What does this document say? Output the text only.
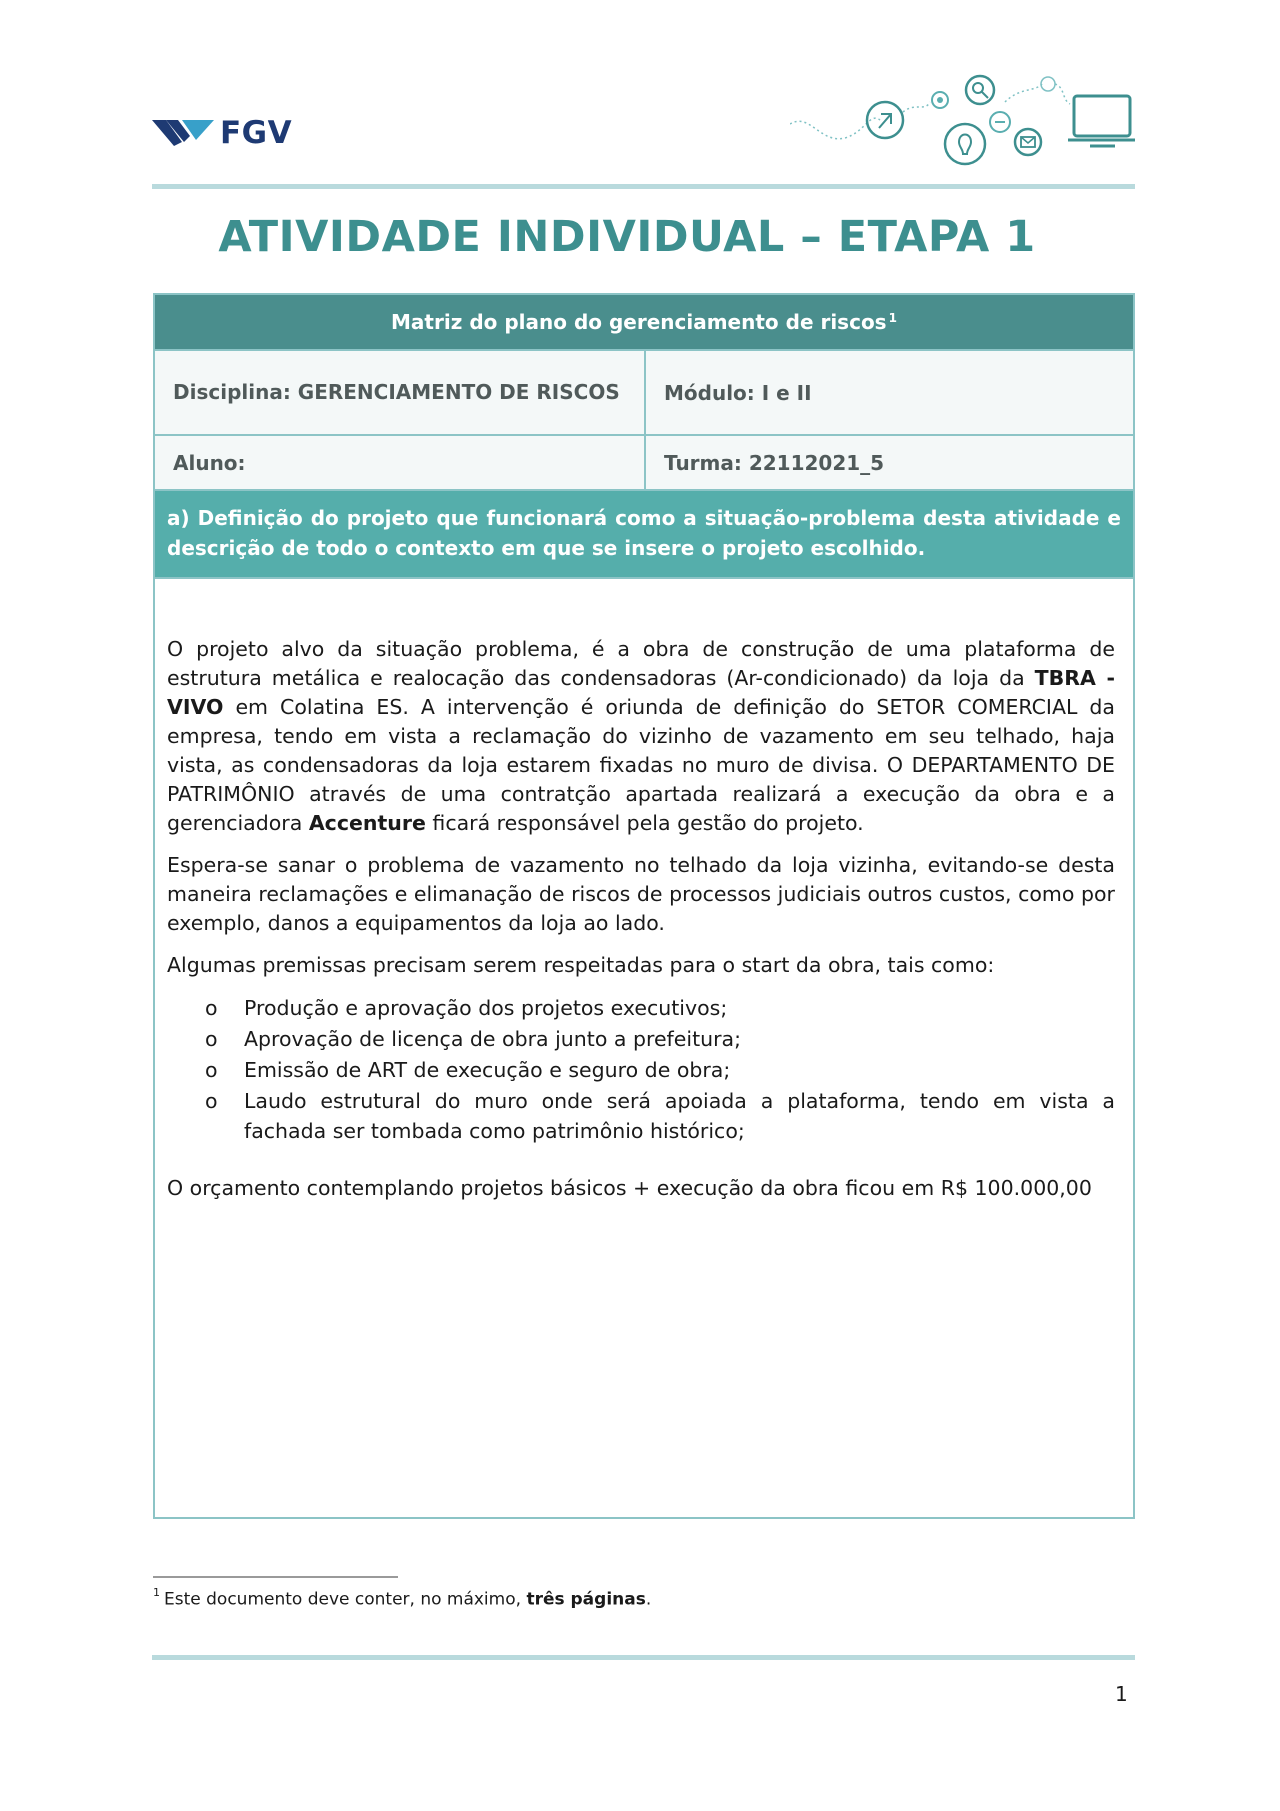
FGV
ATIVIDADE INDIVIDUAL – ETAPA 1
Matriz do plano do gerenciamento de riscos$^1$
Disciplina: GERENCIAMENTO DE RISCOS Módulo: I e II
Aluno:	Turma: 22112021_5
a) Definição do projeto que funcionará como a situação-problema desta atividade e descrição de todo o contexto em que se insere o projeto escolhido.

O projeto alvo da situação problema, é a obra de construção de uma plataforma de estrutura metálica e realocação das condensadoras (Ar-condicionado) da loja da TBRA - VIVO em Colatina ES. A intervenção é oriunda de definição do SETOR COMERCIAL da empresa, tendo em vista a reclamação do vizinho de vazamento em seu telhado, haja vista, as condensadoras da loja estarem fixadas no muro de divisa. O DEPARTAMENTO DE PATRIMÔNIO através de uma contratção apartada realizará a execução da obra e a gerenciadora Accenture ficará responsável pela gestão do projeto.

Espera-se sanar o problema de vazamento no telhado da loja vizinha, evitando-se desta maneira reclamações e elimanação de riscos de processos judiciais outros custos, como por exemplo, danos a equipamentos da loja ao lado.

Algumas premissas precisam serem respeitadas para o start da obra, tais como:

o	Produção e aprovação dos projetos executivos;
o	Aprovação de licença de obra junto a prefeitura;
o	Emissão de ART de execução e seguro de obra;
o	Laudo estrutural do muro onde será apoiada a plataforma, tendo em vista a fachada ser tombada como patrimônio histórico;

O orçamento contemplando projetos básicos + execução da obra ficou em R$ 100.000,00

$^1$ Este documento deve conter, no máximo, três páginas.
1
